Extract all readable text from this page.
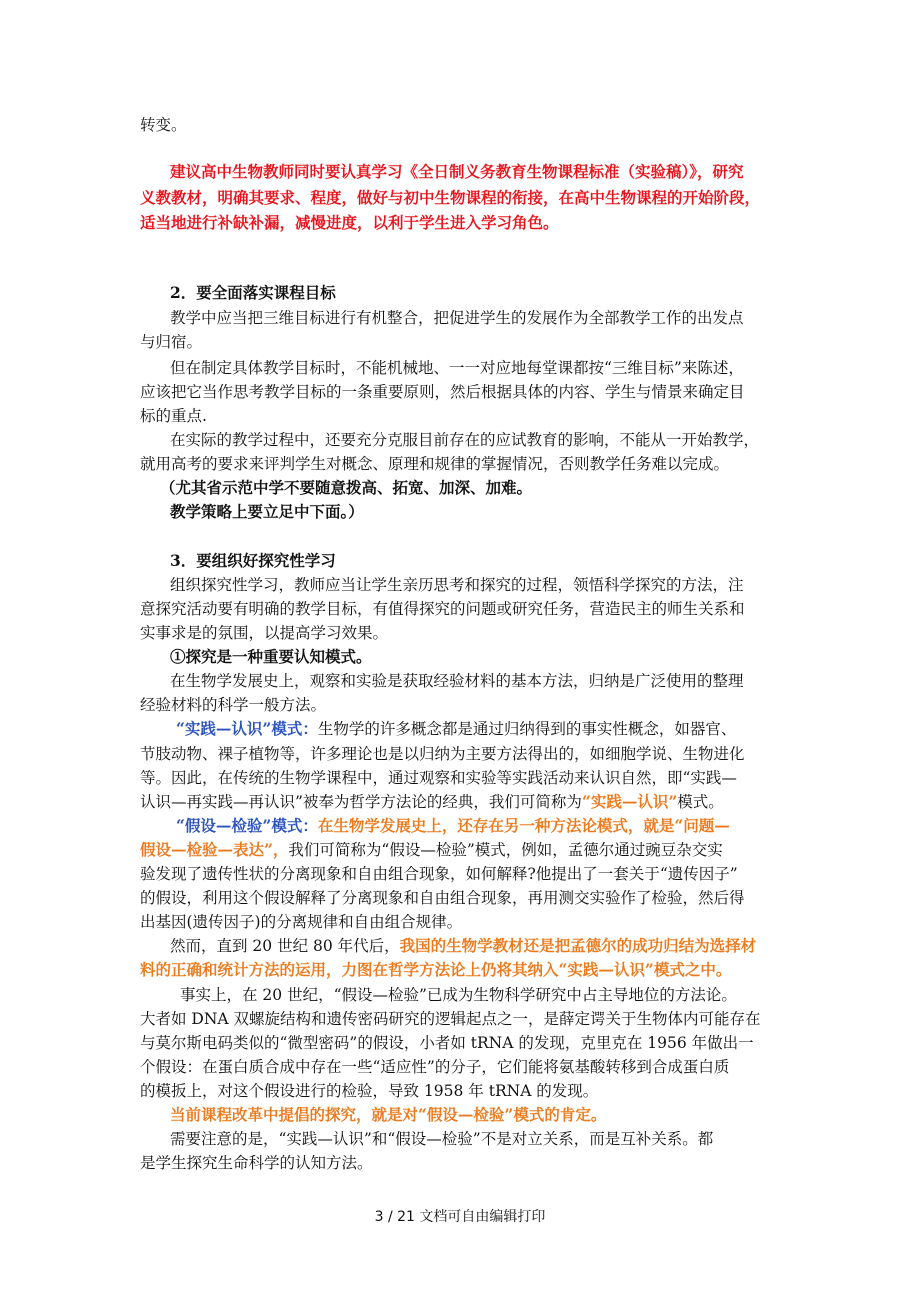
转变。
建议高中生物教师同时要认真学习《全日制义务教育生物课程标准（实验稿）》，研究
义教教材，明确其要求、程度，做好与初中生物课程的衔接，在高中生物课程的开始阶段，
适当地进行补缺补漏，减慢进度，以利于学生进入学习角色。
2．要全面落实课程目标
教学中应当把三维目标进行有机整合，把促进学生的发展作为全部教学工作的出发点
与归宿。
但在制定具体教学目标时，不能机械地、一一对应地每堂课都按“三维目标”来陈述，
应该把它当作思考教学目标的一条重要原则，然后根据具体的内容、学生与情景来确定目
标的重点.
在实际的教学过程中，还要充分克服目前存在的应试教育的影响，不能从一开始教学，
就用高考的要求来评判学生对概念、原理和规律的掌握情况，否则教学任务难以完成。
（尤其省示范中学不要随意拨高、拓宽、加深、加难。
教学策略上要立足中下面。）
3．要组织好探究性学习
组织探究性学习，教师应当让学生亲历思考和探究的过程，领悟科学探究的方法，注
意探究活动要有明确的教学目标，有值得探究的问题或研究任务，营造民主的师生关系和
实事求是的氛围，以提高学习效果。
①探究是一种重要认知模式。
在生物学发展史上，观察和实验是获取经验材料的基本方法，归纳是广泛使用的整理
经验材料的科学一般方法。
“实践—认识”模式：生物学的许多概念都是通过归纳得到的事实性概念，如器官、
节肢动物、裸子植物等，许多理论也是以归纳为主要方法得出的，如细胞学说、生物进化
等。因此，在传统的生物学课程中，通过观察和实验等实践活动来认识自然，即“实践—
认识—再实践—再认识”被奉为哲学方法论的经典，我们可简称为“实践—认识”模式。
“假设—检验”模式：在生物学发展史上，还存在另一种方法论模式，就是“问题—
假设—检验—表达”，我们可简称为“假设—检验”模式，例如，孟德尔通过豌豆杂交实
验发现了遗传性状的分离现象和自由组合现象，如何解释?他提出了一套关于“遗传因子”
的假设，利用这个假设解释了分离现象和自由组合现象，再用测交实验作了检验，然后得
出基因(遗传因子)的分离规律和自由组合规律。
然而，直到 20 世纪 80 年代后，我国的生物学教材还是把孟德尔的成功归结为选择材
料的正确和统计方法的运用，力图在哲学方法论上仍将其纳入“实践—认识”模式之中。
事实上，在 20 世纪，“假设—检验”已成为生物科学研究中占主导地位的方法论。
大者如 DNA 双螺旋结构和遗传密码研究的逻辑起点之一，是薛定谔关于生物体内可能存在
与莫尔斯电码类似的“微型密码”的假设，小者如 tRNA 的发现，克里克在 1956 年做出一
个假设：在蛋白质合成中存在一些“适应性”的分子，它们能将氨基酸转移到合成蛋白质
的模扳上，对这个假设进行的检验，导致 1958 年 tRNA 的发现。
当前课程改革中提倡的探究，就是对“假设—检验”模式的肯定。
需要注意的是，“实践—认识”和“假设—检验”不是对立关系，而是互补关系。都
是学生探究生命科学的认知方法。
3 / 21 文档可自由编辑打印
